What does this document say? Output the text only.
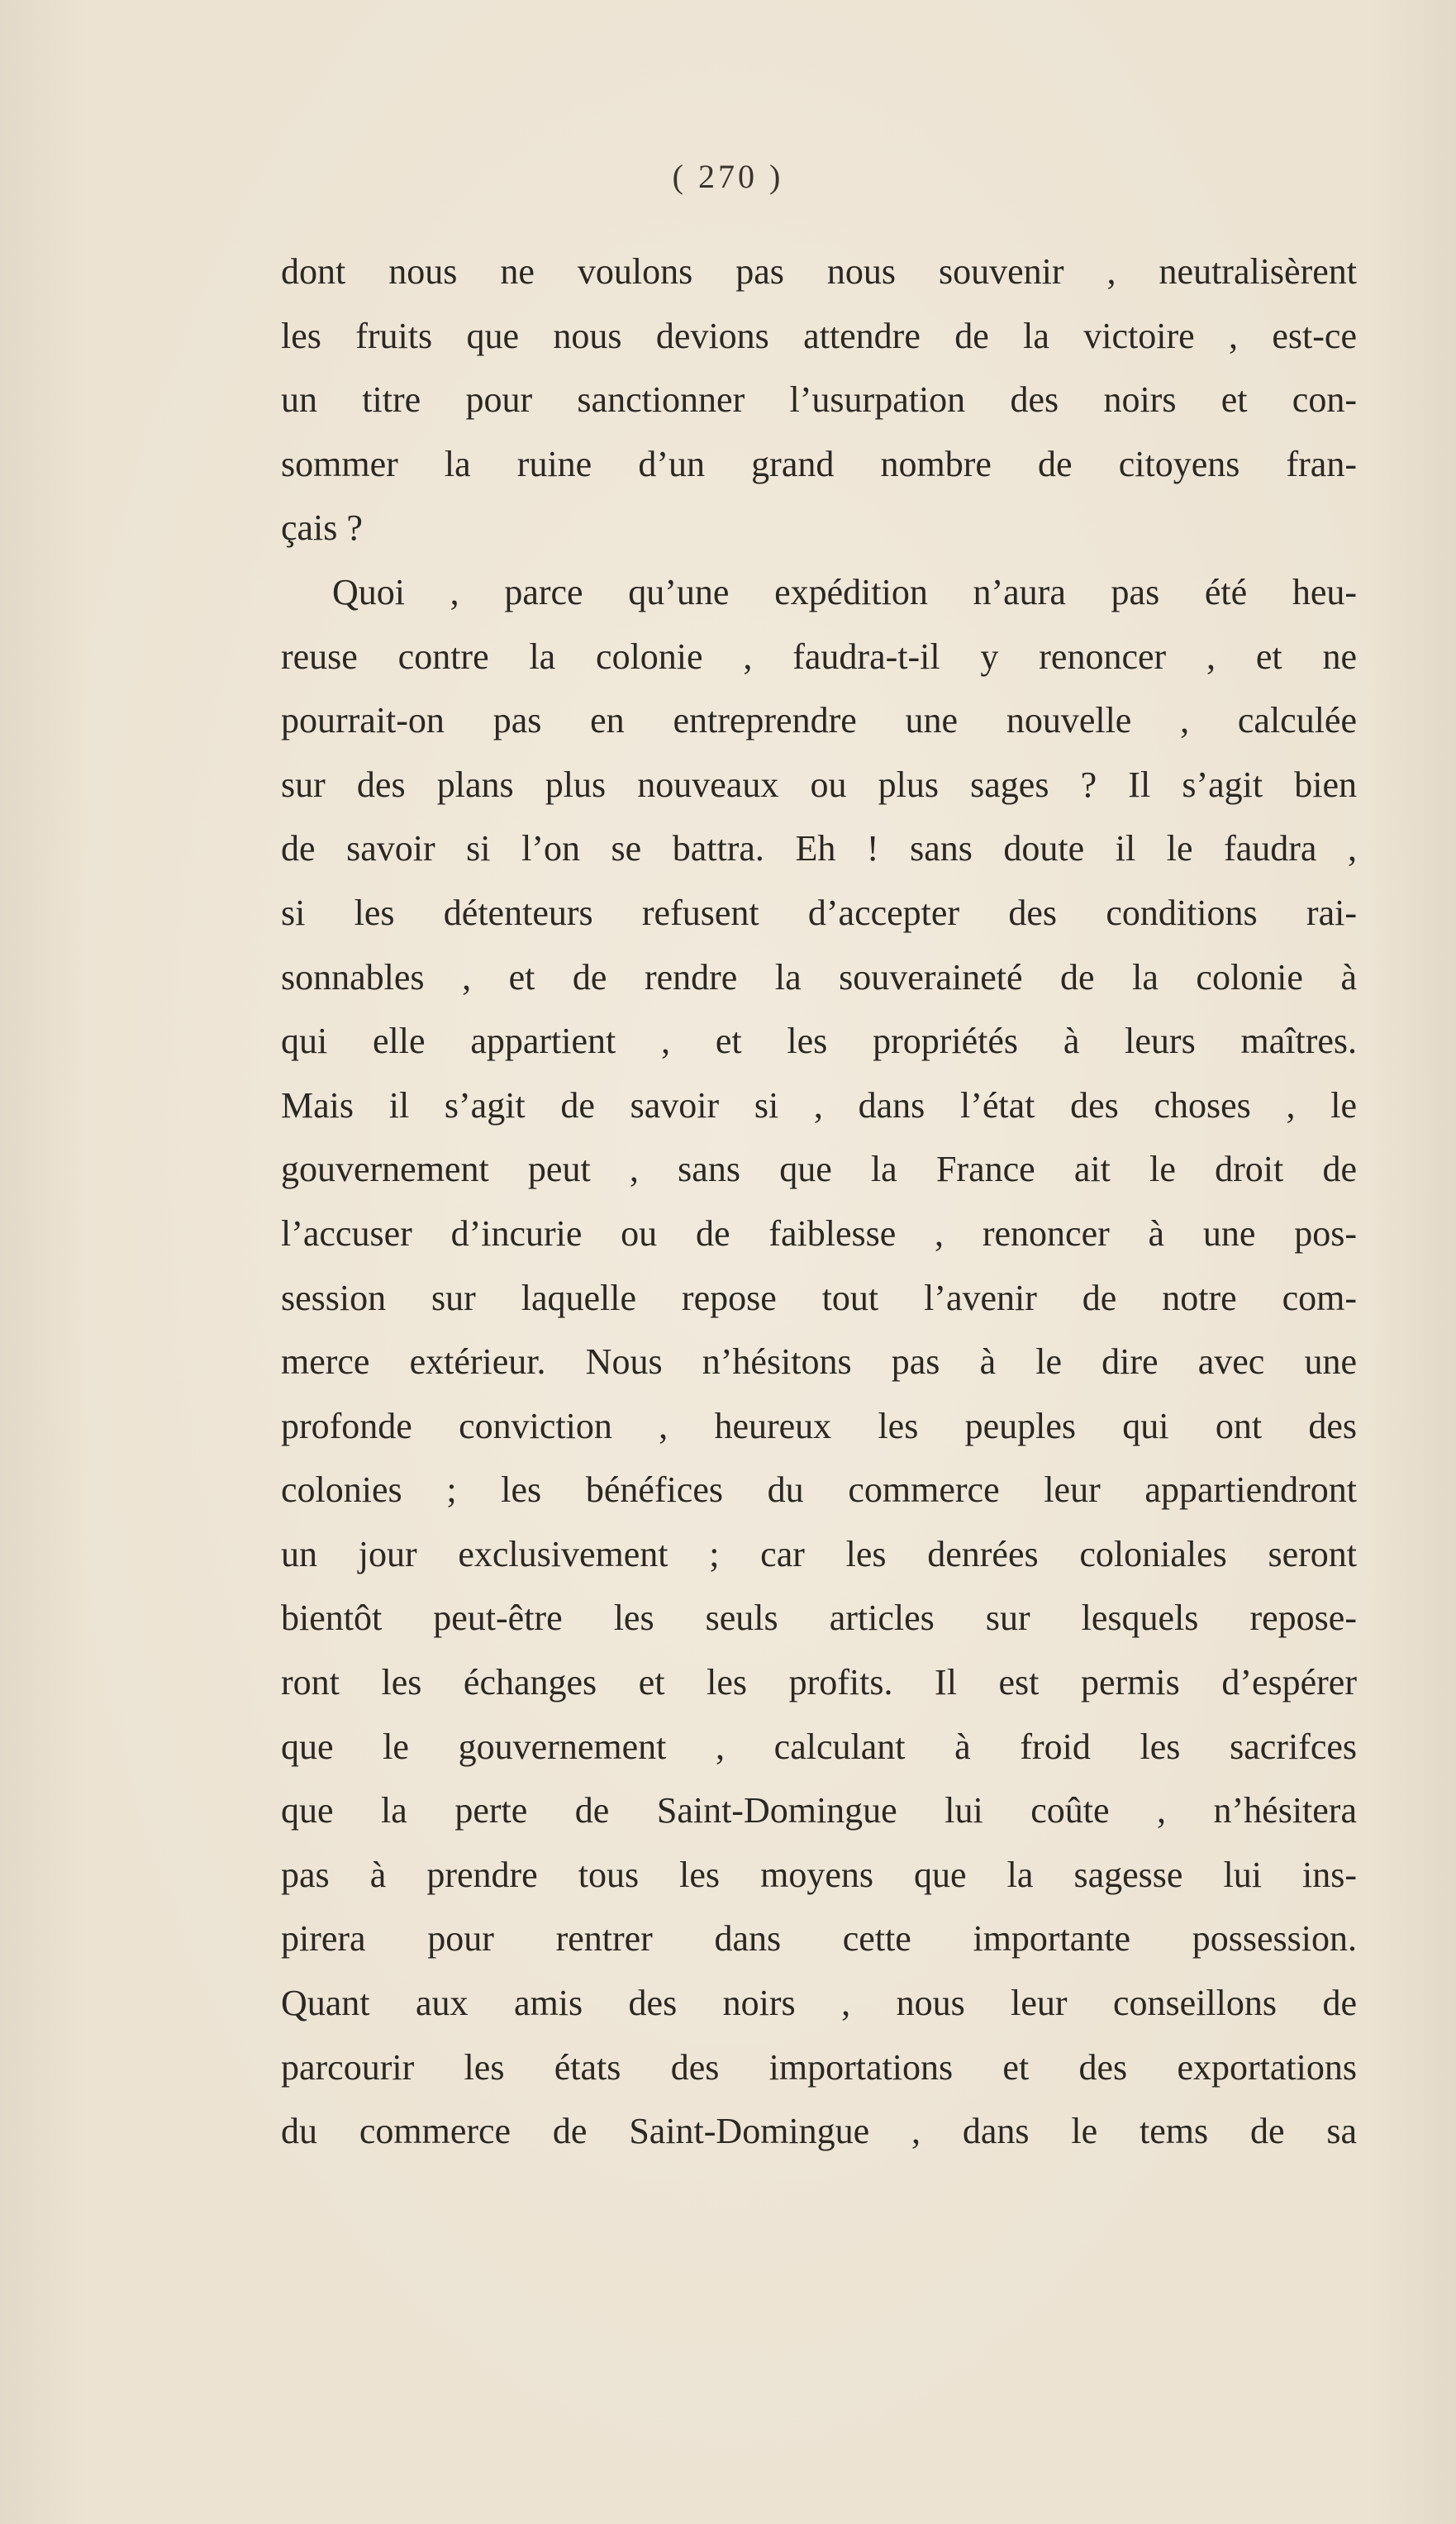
( 270 )
dont nous ne voulons pas nous souvenir , neutralisèrent
les fruits que nous devions attendre de la victoire , est-ce
un titre pour sanctionner l’usurpation des noirs et con-
sommer la ruine d’un grand nombre de citoyens fran-
çais ?
Quoi , parce qu’une expédition n’aura pas été heu-
reuse contre la colonie , faudra-t-il y renoncer , et ne
pourrait-on pas en entreprendre une nouvelle , calculée
sur des plans plus nouveaux ou plus sages ? Il s’agit bien
de savoir si l’on se battra. Eh ! sans doute il le faudra ,
si les détenteurs refusent d’accepter des conditions rai-
sonnables , et de rendre la souveraineté de la colonie à
qui elle appartient , et les propriétés à leurs maîtres.
Mais il s’agit de savoir si , dans l’état des choses , le
gouvernement peut , sans que la France ait le droit de
l’accuser d’incurie ou de faiblesse , renoncer à une pos-
session sur laquelle repose tout l’avenir de notre com-
merce extérieur. Nous n’hésitons pas à le dire avec une
profonde conviction , heureux les peuples qui ont des
colonies ; les bénéfices du commerce leur appartiendront
un jour exclusivement ; car les denrées coloniales seront
bientôt peut-être les seuls articles sur lesquels repose-
ront les échanges et les profits. Il est permis d’espérer
que le gouvernement , calculant à froid les sacrifces
que la perte de Saint-Domingue lui coûte , n’hésitera
pas à prendre tous les moyens que la sagesse lui ins-
pirera pour rentrer dans cette importante possession.
Quant aux amis des noirs , nous leur conseillons de
parcourir les états des importations et des exportations
du commerce de Saint-Domingue , dans le tems de sa
